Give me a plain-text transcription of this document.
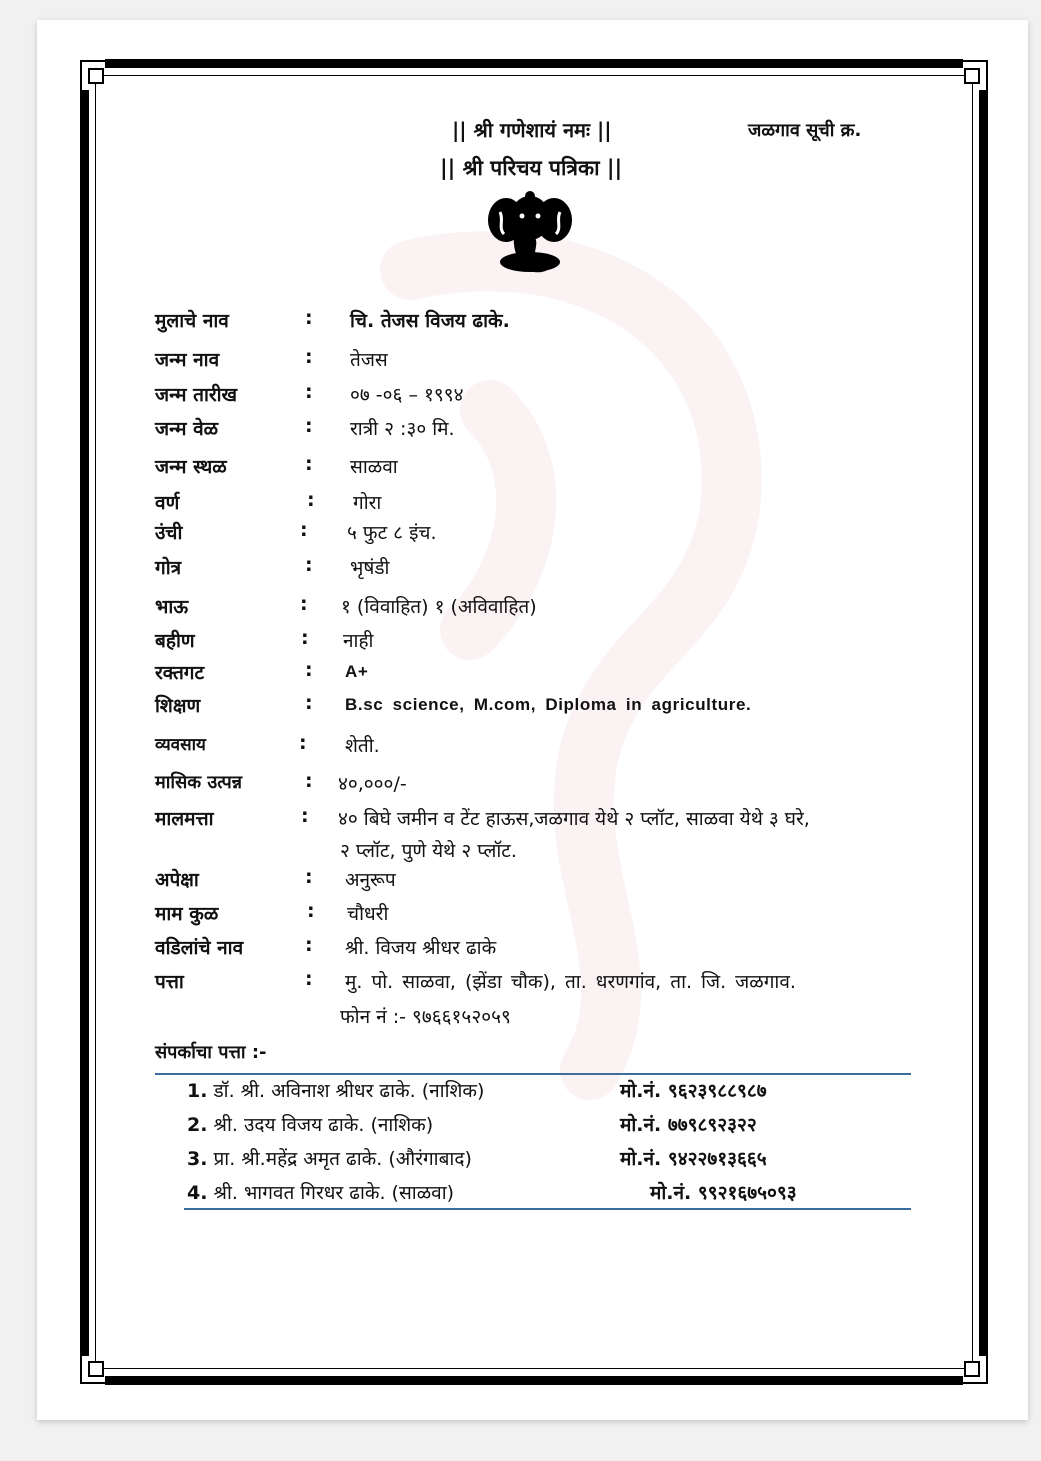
|| श्री गणेशायं नमः ||	जळगाव सूची क्र.
|| श्री परिचय पत्रिका ||
मुलाचे नाव	: चि. तेजस विजय ढाके.
जन्म नाव	: तेजस
जन्म तारीख	: ०७ -०६ – १९९४
जन्म वेळ	: रात्री २ :३० मि.
जन्म स्थळ	: साळवा
वर्ण	: गोरा
उंची	: ५ फुट ८ इंच.
गोत्र	: भृषंडी
भाऊ	: १ (विवाहित) १ (अविवाहित)
बहीण	: नाही
रक्तगट	: A+
शिक्षण	: B.sc science, M.com, Diploma in agriculture.
व्यवसाय	: शेती.
मासिक उत्पन्न	: ४०,०००/-
मालमत्ता	: ४० बिघे जमीन व टेंट हाऊस,जळगाव येथे २ प्लॉट, साळवा येथे ३ घरे,
२ प्लॉट, पुणे येथे २ प्लॉट.
अपेक्षा	: अनुरूप
माम कुळ	: चौधरी
वडिलांचे नाव	: श्री. विजय श्रीधर ढाके
पत्ता	: मु. पो. साळवा, (झेंडा चौक), ता. धरणगांव, ता. जि. जळगाव.
फोन नं :- ९७६६१५२०५९
संपर्काचा पत्ता :-
1. डॉ. श्री. अविनाश श्रीधर ढाके. (नाशिक)	मो.नं. ९६२३९८८९८७
2. श्री. उदय विजय ढाके. (नाशिक)	मो.नं. ७७९८९२३२२
3. प्रा. श्री.महेंद्र अमृत ढाके. (औरंगाबाद)	मो.नं. ९४२२७१३६६५
4. श्री. भागवत गिरधर ढाके. (साळवा)	मो.नं. ९९२१६७५०९३
